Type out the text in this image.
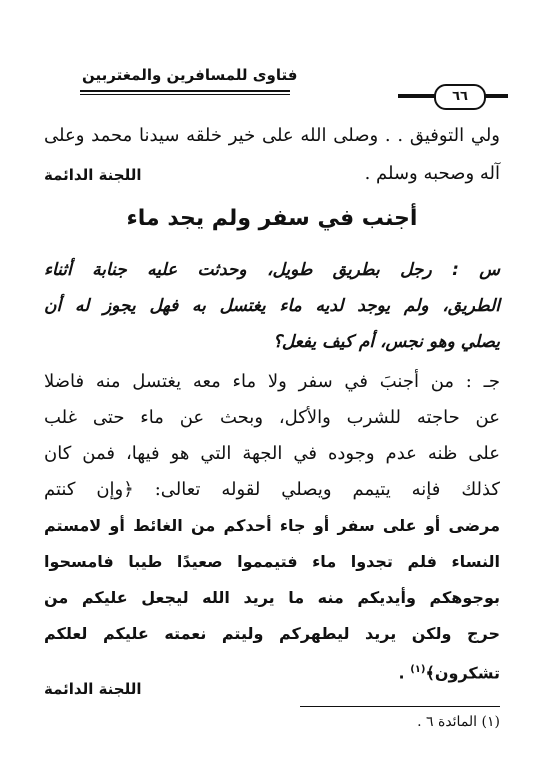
فتاوى للمسافرين والمغتربين
٦٦
ولي التوفيق . . وصلى الله على خير خلقه سيدنا محمد وعلى
آله وصحبه وسلم .
اللجنة الدائمة
أجنب في سفر ولم يجد ماء
س : رجل بطريق طويل، وحدثت عليه جنابة أثناء
الطريق، ولم يوجد لديه ماء يغتسل به فهل يجوز له أن
يصلي وهو نجس، أم كيف يفعل؟
جـ : من أجنبَ في سفر ولا ماء معه يغتسل منه فاضلا
عن حاجته للشرب والأكل، وبحث عن ماء حتى غلب
على ظنه عدم وجوده في الجهة التي هو فيها، فمن كان
كذلك فإنه يتيمم ويصلي لقوله تعالى: ﴿وإن كنتم
مرضى أو على سفر أو جاء أحدكم من الغائط أو لامستم
النساء فلم تجدوا ماء فتيمموا صعيدًا طيبا فامسحوا
بوجوهكم وأيديكم منه ما يريد الله ليجعل عليكم من
حرج ولكن يريد ليطهركم وليتم نعمته عليكم لعلكم
تشكرون﴾$^{(١)}$ .
اللجنة الدائمة
(١) المائدة ٦ .
